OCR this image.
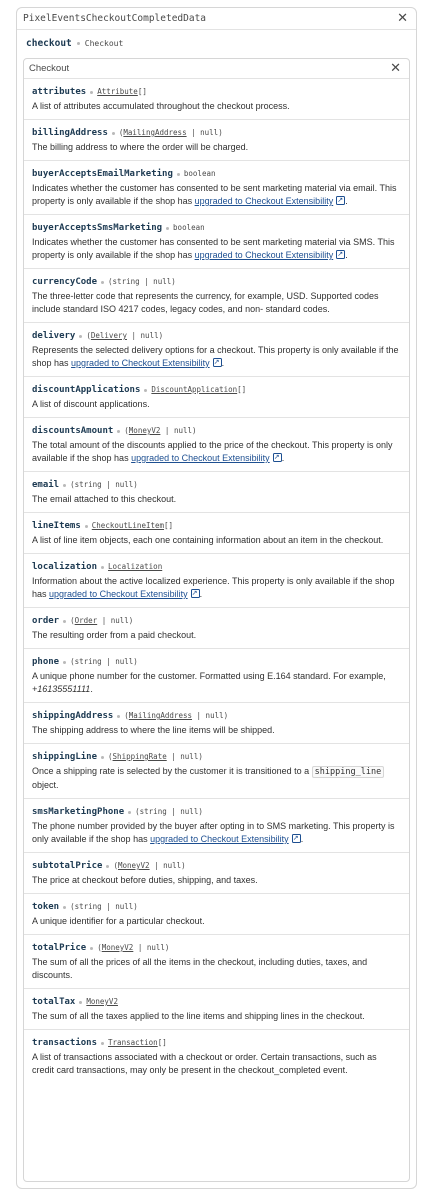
PixelEventsCheckoutCompletedData	✕
checkout Checkout
Checkout	✕
attributes Attribute[]
A list of attributes accumulated throughout the checkout process.
billingAddress (MailingAddress | null)
The billing address to where the order will be charged.
buyerAcceptsEmailMarketing boolean
Indicates whether the customer has consented to be sent marketing material via email. This property is only available if the shop has upgraded to Checkout Extensibility ↗ .
buyerAcceptsSmsMarketing boolean
Indicates whether the customer has consented to be sent marketing material via SMS. This property is only available if the shop has upgraded to Checkout Extensibility ↗ .
currencyCode (string | null)
The three-letter code that represents the currency, for example, USD. Supported codes include standard ISO 4217 codes, legacy codes, and non- standard codes.
delivery (Delivery | null)
Represents the selected delivery options for a checkout. This property is only available if the shop has upgraded to Checkout Extensibility ↗ .
discountApplications DiscountApplication[]
A list of discount applications.
discountsAmount (MoneyV2 | null)
The total amount of the discounts applied to the price of the checkout. This property is only available if the shop has upgraded to Checkout Extensibility ↗ .
email (string | null)
The email attached to this checkout.
lineItems CheckoutLineItem[]
A list of line item objects, each one containing information about an item in the checkout.
localization Localization
Information about the active localized experience. This property is only available if the shop has upgraded to Checkout Extensibility ↗ .
order (Order | null)
The resulting order from a paid checkout.
phone (string | null)
A unique phone number for the customer. Formatted using E.164 standard. For example, +16135551111.
shippingAddress (MailingAddress | null)
The shipping address to where the line items will be shipped.
shippingLine (ShippingRate | null)
Once a shipping rate is selected by the customer it is transitioned to a shipping_line object.
smsMarketingPhone (string | null)
The phone number provided by the buyer after opting in to SMS marketing. This property is only available if the shop has upgraded to Checkout Extensibility ↗ .
subtotalPrice (MoneyV2 | null)
The price at checkout before duties, shipping, and taxes.
token (string | null)
A unique identifier for a particular checkout.
totalPrice (MoneyV2 | null)
The sum of all the prices of all the items in the checkout, including duties, taxes, and discounts.
totalTax MoneyV2
The sum of all the taxes applied to the line items and shipping lines in the checkout.
transactions Transaction[]
A list of transactions associated with a checkout or order. Certain transactions, such as credit card transactions, may only be present in the checkout_completed event.
